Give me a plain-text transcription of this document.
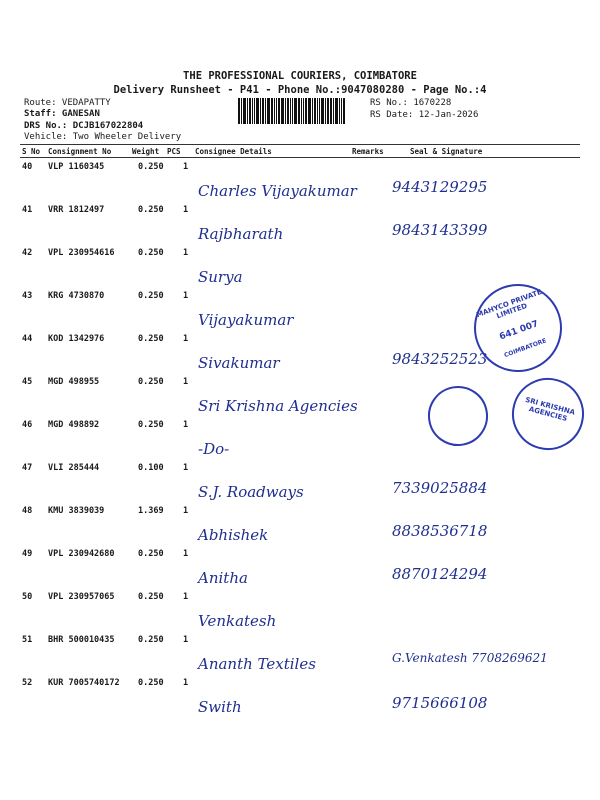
THE PROFESSIONAL COURIERS, COIMBATORE
Delivery Runsheet - P41 - Phone No.:9047080280 - Page No.:4
Route: VEDAPATTY
Staff: GANESAN
DRS No.: DCJB167022804
Vehicle: Two Wheeler Delivery
RS No.: 1670228
RS Date: 12-Jan-2026
S No Consignment No	Weight PCS Consignee Details	Remarks	Seal & Signature
40 VLP 1160345	0.250 1
Charles Vijayakumar 9443129295
41 VRR 1812497	0.250 1
Rajbharath	9843143399
42 VPL 230954616	0.250 1
Surya
43 KRG 4730870	0.250 1
Vijayakumar
44 KOD 1342976	0.250 1
Sivakumar	9843252523
45 MGD 498955	0.250 1
Sri Krishna Agencies
46 MGD 498892	0.250 1
-Do-
47 VLI 285444	0.100 1
S.J. Roadways	7339025884
48 KMU 3839039	1.369 1
Abhishek	8838536718
49 VPL 230942680	0.250 1
Anitha	8870124294
50 VPL 230957065	0.250 1
Venkatesh
51 BHR 500010435	0.250 1
Ananth Textiles	G.Venkatesh 7708269621
52 KUR 7005740172 0.250 1
Swith	9715666108
MAHYCO PRIVATE LIMITED
641 007
COIMBATORE
SRI KRISHNA AGENCIES
